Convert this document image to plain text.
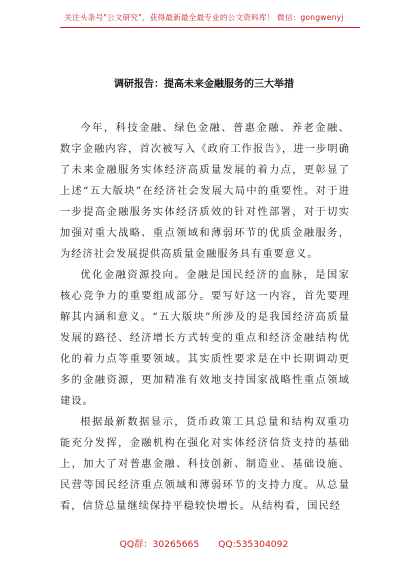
关注头条号"公文研究"，获得最新最全最专业的公文资料库！ 微信：gongwenyj
调研报告：提高未来金融服务的三大举措

今年，科技金融、绿色金融、普惠金融、养老金融、数字金融内容，首次被写入《政府工作报告》，进一步明确了未来金融服务实体经济高质量发展的着力点，更彰显了上述“五大版块”在经济社会发展大局中的重要性。对于进一步提高金融服务实体经济质效的针对性部署，对于切实加强对重大战略、重点领域和薄弱环节的优质金融服务，为经济社会发展提供高质量金融服务具有重要意义。

优化金融资源投向。金融是国民经济的血脉，是国家核心竞争力的重要组成部分。要写好这一内容，首先要理解其内涵和意义。“五大版块”所涉及的是我国经济高质量发展的路径、经济增长方式转变的重点和经济金融结构优化的着力点等重要领域。其实质性要求是在中长期调动更多的金融资源，更加精准有效地支持国家战略性重点领域建设。

根据最新数据显示，货币政策工具总量和结构双重功能充分发挥，金融机构在强化对实体经济信贷支持的基础上，加大了对普惠金融、科技创新、制造业、基础设施、民营等国民经济重点领域和薄弱环节的支持力度。从总量看，信贷总量继续保持平稳较快增长。从结构看，国民经

QQ群：30265665 QQ:535304092
